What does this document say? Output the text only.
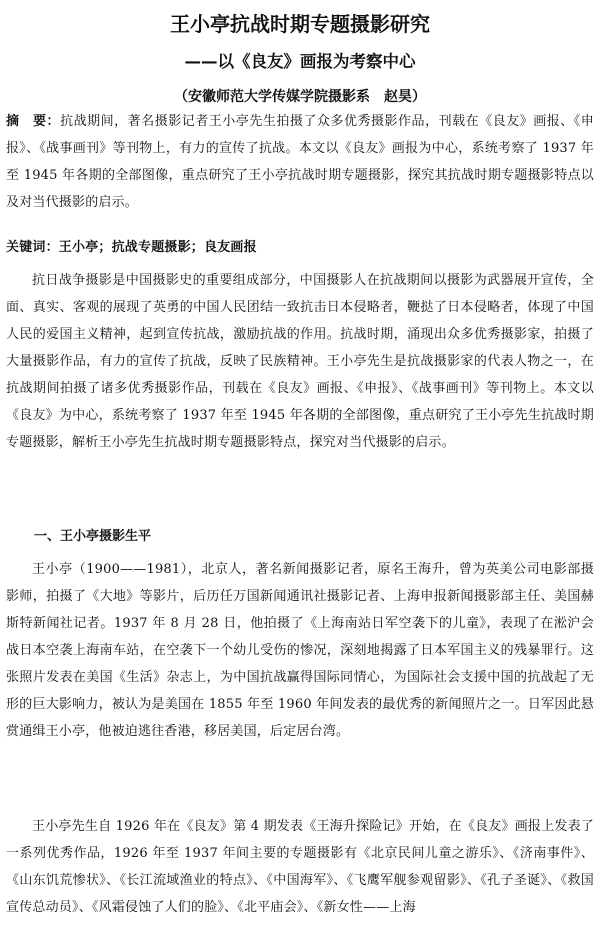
王小亭抗战时期专题摄影研究
——以《良友》画报为考察中心
（安徽师范大学传媒学院摄影系　赵昊）

摘　要：抗战期间，著名摄影记者王小亭先生拍摄了众多优秀摄影作品，刊载在《良友》画报、《申报》、《战事画刊》等刊物上，有力的宣传了抗战。本文以《良友》画报为中心，系统考察了 1937 年至 1945 年各期的全部图像，重点研究了王小亭抗战时期专题摄影，探究其抗战时期专题摄影特点以及对当代摄影的启示。

关键词：王小亭；抗战专题摄影；良友画报

抗日战争摄影是中国摄影史的重要组成部分，中国摄影人在抗战期间以摄影为武器展开宣传，全面、真实、客观的展现了英勇的中国人民团结一致抗击日本侵略者，鞭挞了日本侵略者，体现了中国人民的爱国主义精神，起到宣传抗战，激励抗战的作用。抗战时期，涌现出众多优秀摄影家，拍摄了大量摄影作品，有力的宣传了抗战，反映了民族精神。王小亭先生是抗战摄影家的代表人物之一，在抗战期间拍摄了诸多优秀摄影作品，刊载在《良友》画报、《申报》、《战事画刊》等刊物上。本文以《良友》为中心，系统考察了 1937 年至 1945 年各期的全部图像，重点研究了王小亭先生抗战时期专题摄影，解析王小亭先生抗战时期专题摄影特点，探究对当代摄影的启示。

一、王小亭摄影生平

王小亭（1900——1981），北京人，著名新闻摄影记者，原名王海升，曾为英美公司电影部摄影师，拍摄了《大地》等影片，后历任万国新闻通讯社摄影记者、上海申报新闻摄影部主任、美国赫斯特新闻社记者。1937 年 8 月 28 日，他拍摄了《上海南站日军空袭下的儿童》，表现了在淞沪会战日本空袭上海南车站，在空袭下一个幼儿受伤的惨况，深刻地揭露了日本军国主义的残暴罪行。这张照片发表在美国《生活》杂志上，为中国抗战赢得国际同情心，为国际社会支援中国的抗战起了无形的巨大影响力，被认为是美国在 1855 年至 1960 年间发表的最优秀的新闻照片之一。日军因此悬赏通缉王小亭，他被迫逃往香港，移居美国，后定居台湾。

王小亭先生自 1926 年在《良友》第 4 期发表《王海升探险记》开始，在《良友》画报上发表了一系列优秀作品，1926 年至 1937 年间主要的专题摄影有《北京民间儿童之游乐》、《济南事件》、《山东饥荒惨状》、《长江流域渔业的特点》、《中国海军》、《飞鹰军舰参观留影》、《孔子圣诞》、《救国宣传总动员》、《风霜侵蚀了人们的脸》、《北平庙会》、《新女性——上海
